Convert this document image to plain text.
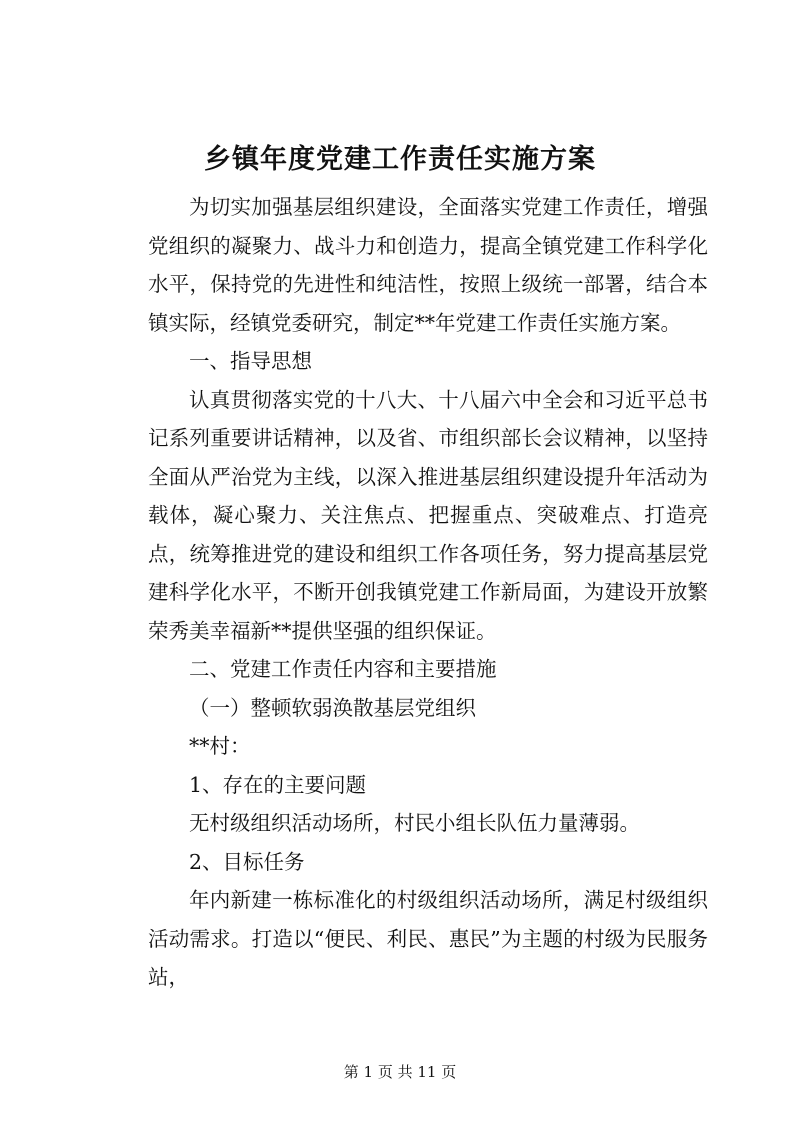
乡镇年度党建工作责任实施方案

为切实加强基层组织建设，全面落实党建工作责任，增强党组织的凝聚力、战斗力和创造力，提高全镇党建工作科学化水平，保持党的先进性和纯洁性，按照上级统一部署，结合本镇实际，经镇党委研究，制定**年党建工作责任实施方案。

一、指导思想

认真贯彻落实党的十八大、十八届六中全会和习近平总书记系列重要讲话精神，以及省、市组织部长会议精神，以坚持全面从严治党为主线，以深入推进基层组织建设提升年活动为载体，凝心聚力、关注焦点、把握重点、突破难点、打造亮点，统筹推进党的建设和组织工作各项任务，努力提高基层党建科学化水平，不断开创我镇党建工作新局面，为建设开放繁荣秀美幸福新**提供坚强的组织保证。

二、党建工作责任内容和主要措施

（一）整顿软弱涣散基层党组织

**村：

1、存在的主要问题

无村级组织活动场所，村民小组长队伍力量薄弱。

2、目标任务

年内新建一栋标准化的村级组织活动场所，满足村级组织活动需求。打造以“便民、利民、惠民”为主题的村级为民服务站，

第 1 页 共 11 页
